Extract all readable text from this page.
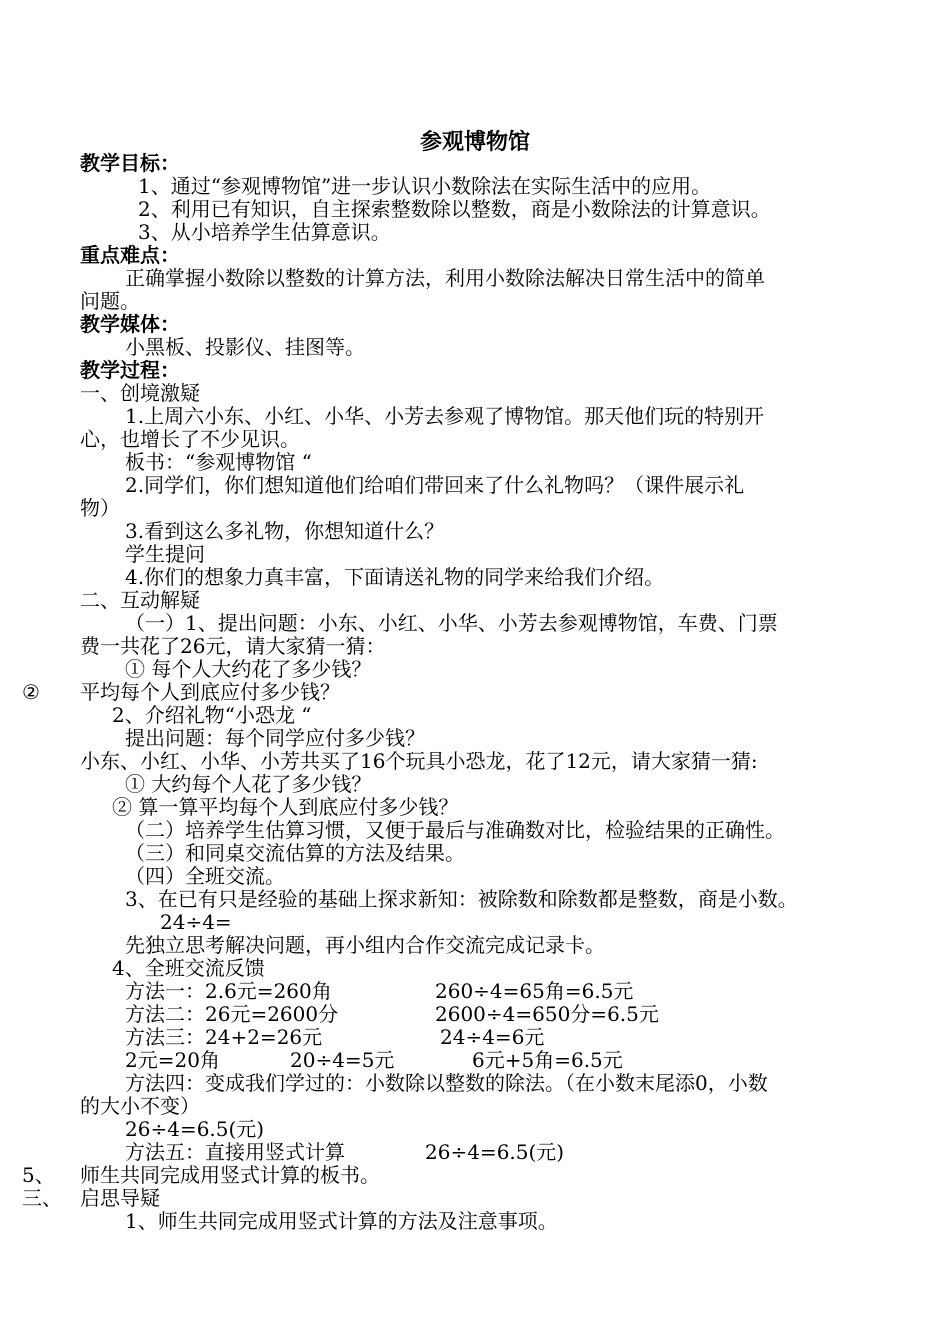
参观博物馆
教学目标：
1、通过“参观博物馆”进一步认识小数除法在实际生活中的应用。
2、利用已有知识，自主探索整数除以整数，商是小数除法的计算意识。
3、从小培养学生估算意识。
重点难点：
正确掌握小数除以整数的计算方法，利用小数除法解决日常生活中的简单
问题。
教学媒体：
小黑板、投影仪、挂图等。
教学过程：
一、创境激疑
1.上周六小东、小红、小华、小芳去参观了博物馆。那天他们玩的特别开
心，也增长了不少见识。
板书：“参观博物馆 “
2.同学们，你们想知道他们给咱们带回来了什么礼物吗？（课件展示礼
物）
3.看到这么多礼物，你想知道什么？
学生提问
4.你们的想象力真丰富，下面请送礼物的同学来给我们介绍。
二、互动解疑
（一）1、提出问题：小东、小红、小华、小芳去参观博物馆，车费、门票
费一共花了26元，请大家猜一猜：
① 每个人大约花了多少钱？
② 平均每个人到底应付多少钱？
2、介绍礼物“小恐龙 “
提出问题：每个同学应付多少钱？
小东、小红、小华、小芳共买了16个玩具小恐龙，花了12元，请大家猜一猜:
① 大约每个人花了多少钱？
② 算一算平均每个人到底应付多少钱？
（二）培养学生估算习惯，又便于最后与准确数对比，检验结果的正确性。
（三）和同桌交流估算的方法及结果。
（四）全班交流。
3、在已有只是经验的基础上探求新知：被除数和除数都是整数，商是小数。
24÷4=
先独立思考解决问题，再小组内合作交流完成记录卡。
4、全班交流反馈
方法一：2.6元=260角	260÷4=65角=6.5元
方法二：26元=2600分	2600÷4=650分=6.5元
方法三：24+2=26元	24÷4=6元
2元=20角	20÷4=5元	6元+5角=6.5元
方法四：变成我们学过的：小数除以整数的除法。（在小数末尾添0，小数
的大小不变）
26÷4=6.5(元)
方法五：直接用竖式计算	26÷4=6.5(元)
5、 师生共同完成用竖式计算的板书。
三、 启思导疑
1、师生共同完成用竖式计算的方法及注意事项。
